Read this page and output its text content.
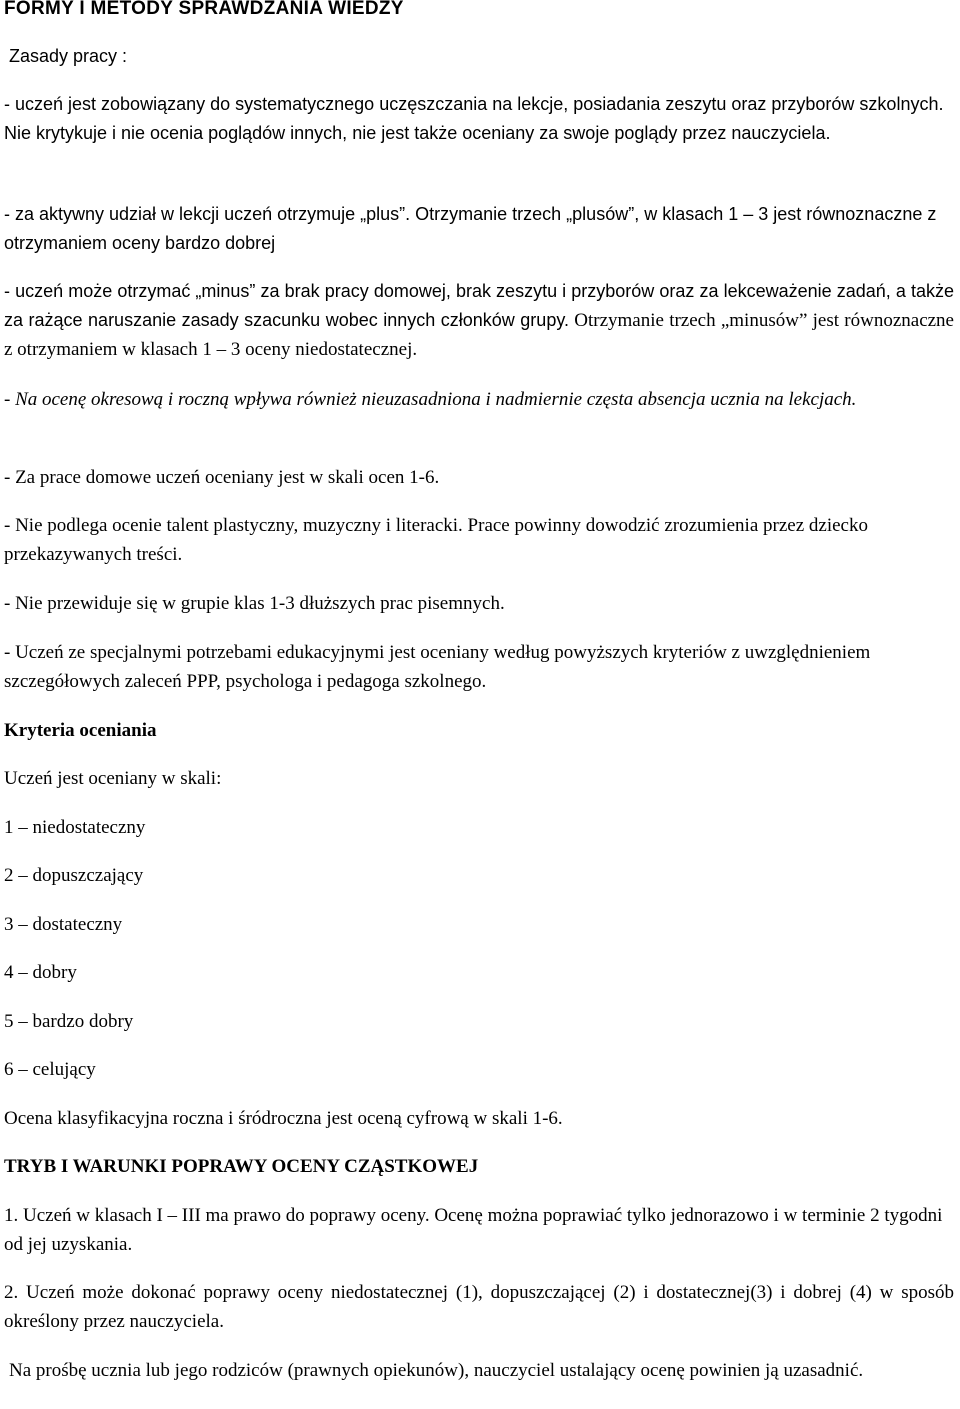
FORMY I METODY SPRAWDZANIA WIEDZY
Zasady pracy :
- uczeń jest zobowiązany do systematycznego uczęszczania na lekcje, posiadania zeszytu oraz przyborów szkolnych. Nie krytykuje i nie ocenia poglądów innych, nie jest także oceniany za swoje poglądy przez nauczyciela.
- za aktywny udział w lekcji uczeń otrzymuje „plus”. Otrzymanie trzech „plusów”, w klasach 1 – 3 jest równoznaczne z otrzymaniem oceny bardzo dobrej
- uczeń może otrzymać „minus” za brak pracy domowej, brak zeszytu i przyborów oraz za lekceważenie zadań, a także za rażące naruszanie zasady szacunku wobec innych członków grupy. Otrzymanie trzech „minusów” jest równoznaczne z otrzymaniem w klasach 1 – 3 oceny niedostatecznej.
- Na ocenę okresową i roczną wpływa również nieuzasadniona i nadmiernie częsta absencja ucznia na lekcjach.
- Za prace domowe uczeń oceniany jest w skali ocen 1-6.
- Nie podlega ocenie talent plastyczny, muzyczny i literacki. Prace powinny dowodzić zrozumienia przez dziecko przekazywanych treści.
- Nie przewiduje się w grupie klas 1-3 dłuższych prac pisemnych.
- Uczeń ze specjalnymi potrzebami edukacyjnymi jest oceniany według powyższych kryteriów z uwzględnieniem szczegółowych zaleceń PPP, psychologa i pedagoga szkolnego.
Kryteria oceniania
Uczeń jest oceniany w skali:
1 – niedostateczny
2 – dopuszczający
3 – dostateczny
4 – dobry
5 – bardzo dobry
6 – celujący
Ocena klasyfikacyjna roczna i śródroczna jest oceną cyfrową w skali 1-6.
TRYB I WARUNKI POPRAWY OCENY CZĄSTKOWEJ
1. Uczeń w klasach I – III ma prawo do poprawy oceny. Ocenę można poprawiać tylko jednorazowo i w terminie 2 tygodni od jej uzyskania.
2. Uczeń może dokonać poprawy oceny niedostatecznej (1), dopuszczającej (2) i dostatecznej(3) i dobrej (4) w sposób określony przez nauczyciela.
Na prośbę ucznia lub jego rodziców (prawnych opiekunów), nauczyciel ustalający ocenę powinien ją uzasadnić.
